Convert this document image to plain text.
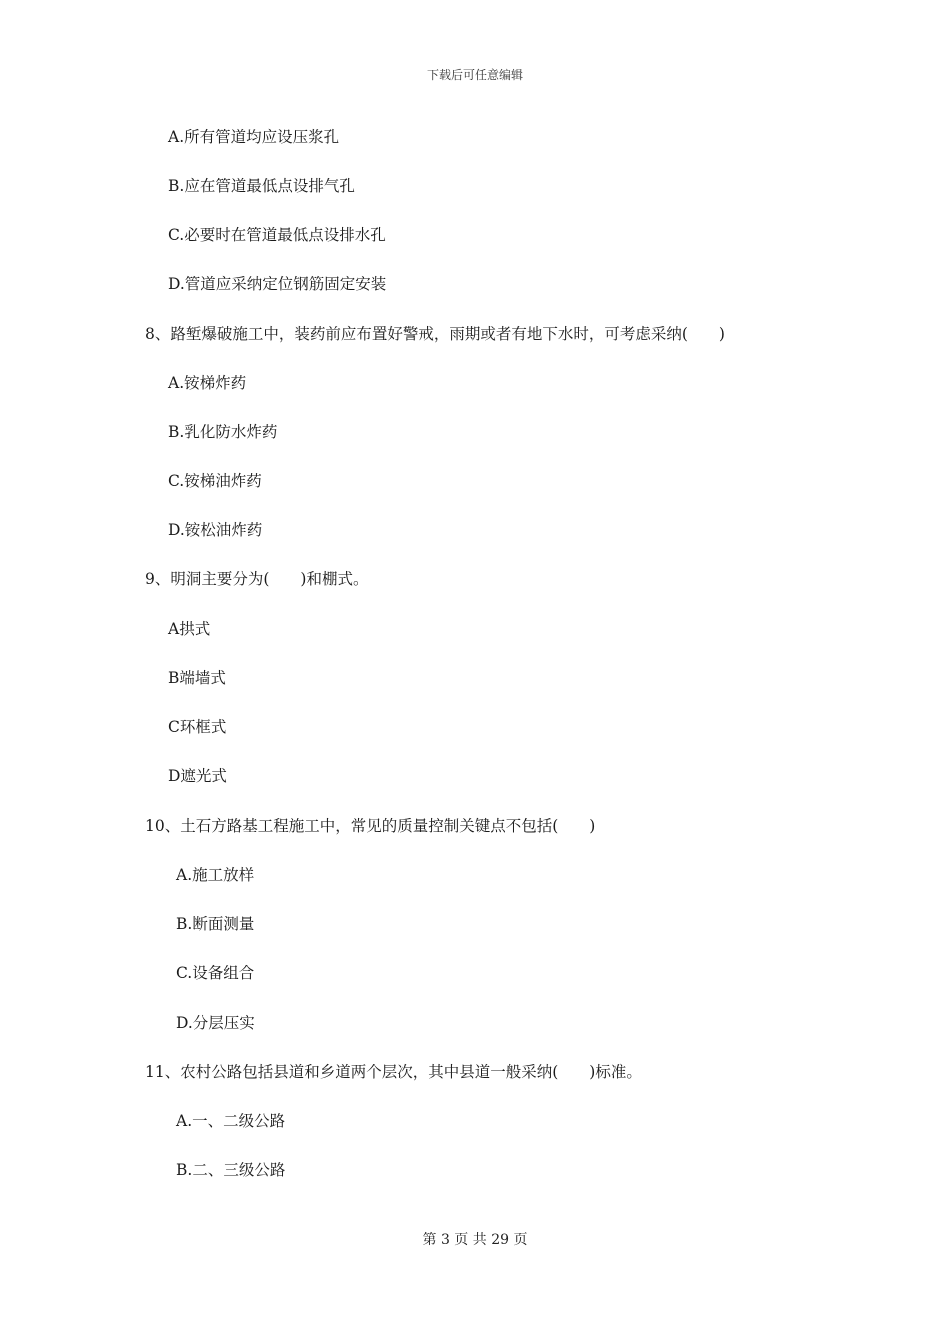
下载后可任意编辑
A.所有管道均应设压浆孔
B.应在管道最低点设排气孔
C.必要时在管道最低点设排水孔
D.管道应采纳定位钢筋固定安装
8、路堑爆破施工中，装药前应布置好警戒，雨期或者有地下水时，可考虑采纳(　　)
A.铵梯炸药
B.乳化防水炸药
C.铵梯油炸药
D.铵松油炸药
9、明洞主要分为(　　)和棚式。
A拱式
B端墙式
C环框式
D遮光式
10、土石方路基工程施工中，常见的质量控制关键点不包括(　　)
A.施工放样
B.断面测量
C.设备组合
D.分层压实
11、农村公路包括县道和乡道两个层次，其中县道一般采纳(　　)标准。
A.一、二级公路
B.二、三级公路
第 3 页 共 29 页
